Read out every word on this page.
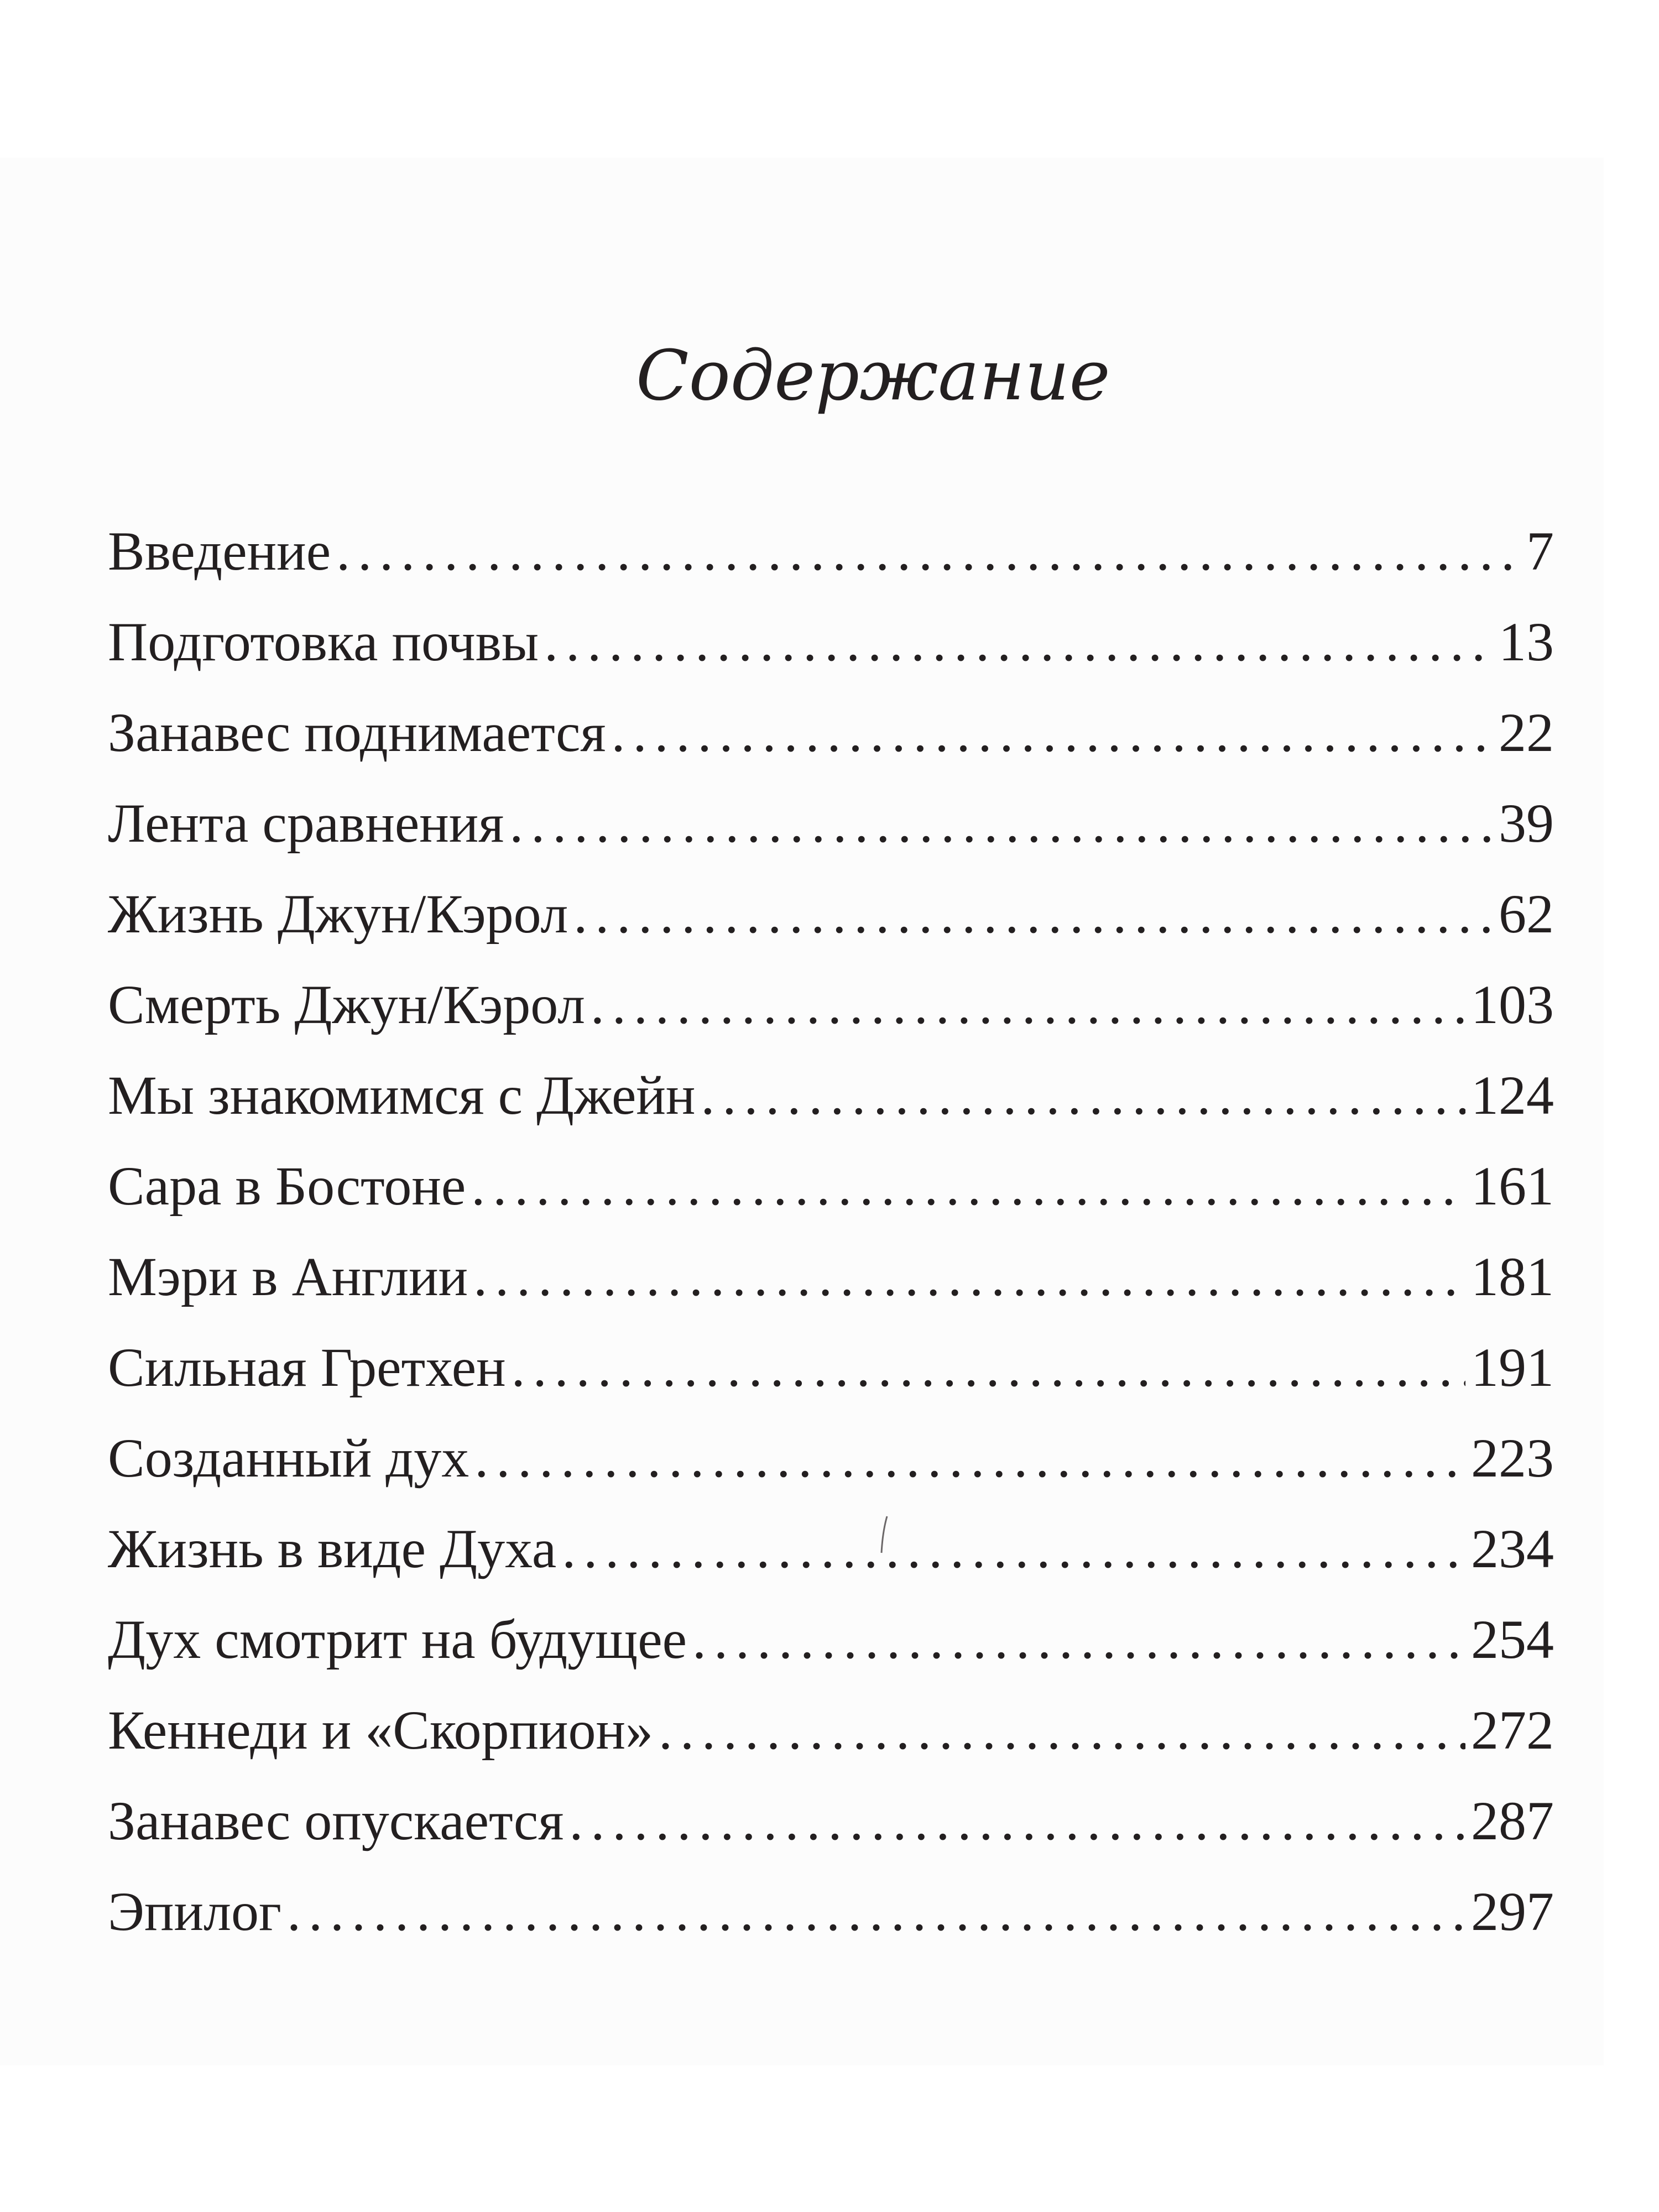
Содержание
Введение .....	7
Подготовка почвы .....	13
Занавес поднимается .....	22
Лента сравнения .....	39
Жизнь Джун/Кэрол .....	62
Смерть Джун/Кэрол .....	103
Мы знакомимся с Джейн .....	124
Сара в Бостоне .....	161
Мэри в Англии .....	181
Сильная Гретхен .....	191
Созданный дух .....	223
Жизнь в виде Духа .....	234
Дух смотрит на будущее .....	254
Кеннеди и «Скорпион» .....	272
Занавес опускается .....	287
Эпилог .....	297
